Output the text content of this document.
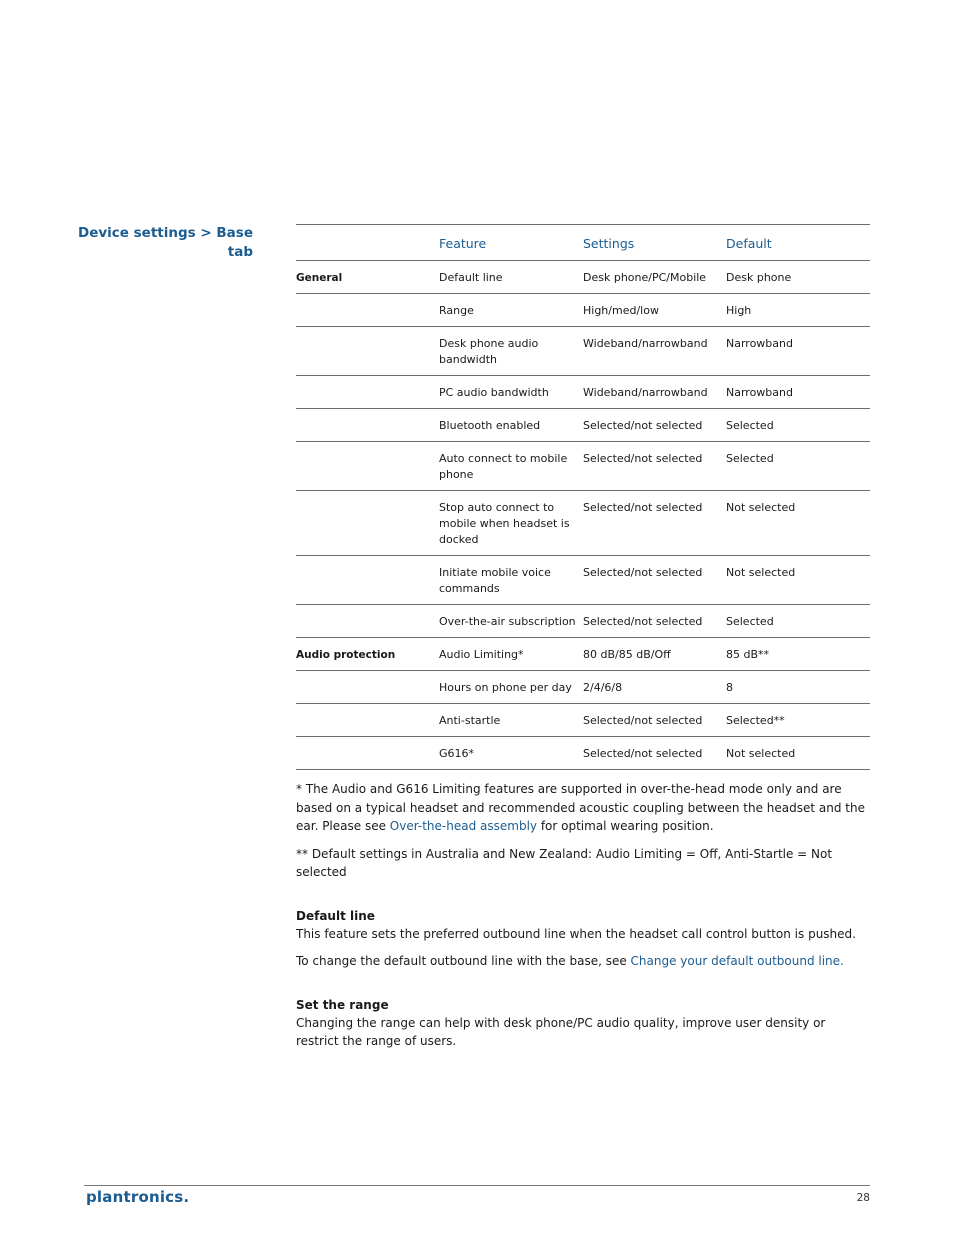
Device settings > Base tab
	Feature	Settings	Default
General	Default line	Desk phone/PC/Mobile	Desk phone
	Range	High/med/low	High
	Desk phone audio bandwidth	Wideband/narrowband	Narrowband
	PC audio bandwidth	Wideband/narrowband	Narrowband
	Bluetooth enabled	Selected/not selected	Selected
	Auto connect to mobile phone	Selected/not selected	Selected
	Stop auto connect to mobile when headset is docked	Selected/not selected	Not selected
	Initiate mobile voice commands	Selected/not selected	Not selected
	Over-the-air subscription	Selected/not selected	Selected
Audio protection	Audio Limiting*	80 dB/85 dB/Off	85 dB**
	Hours on phone per day	2/4/6/8	8
	Anti-startle	Selected/not selected	Selected**
	G616*	Selected/not selected	Not selected

* The Audio and G616 Limiting features are supported in over-the-head mode only and are based on a typical headset and recommended acoustic coupling between the headset and the ear. Please see Over-the-head assembly for optimal wearing position.

** Default settings in Australia and New Zealand: Audio Limiting = Off, Anti-Startle = Not selected

Default line

This feature sets the preferred outbound line when the headset call control button is pushed.

To change the default outbound line with the base, see Change your default outbound line.

Set the range

Changing the range can help with desk phone/PC audio quality, improve user density or restrict the range of users.

plantronics.	28
